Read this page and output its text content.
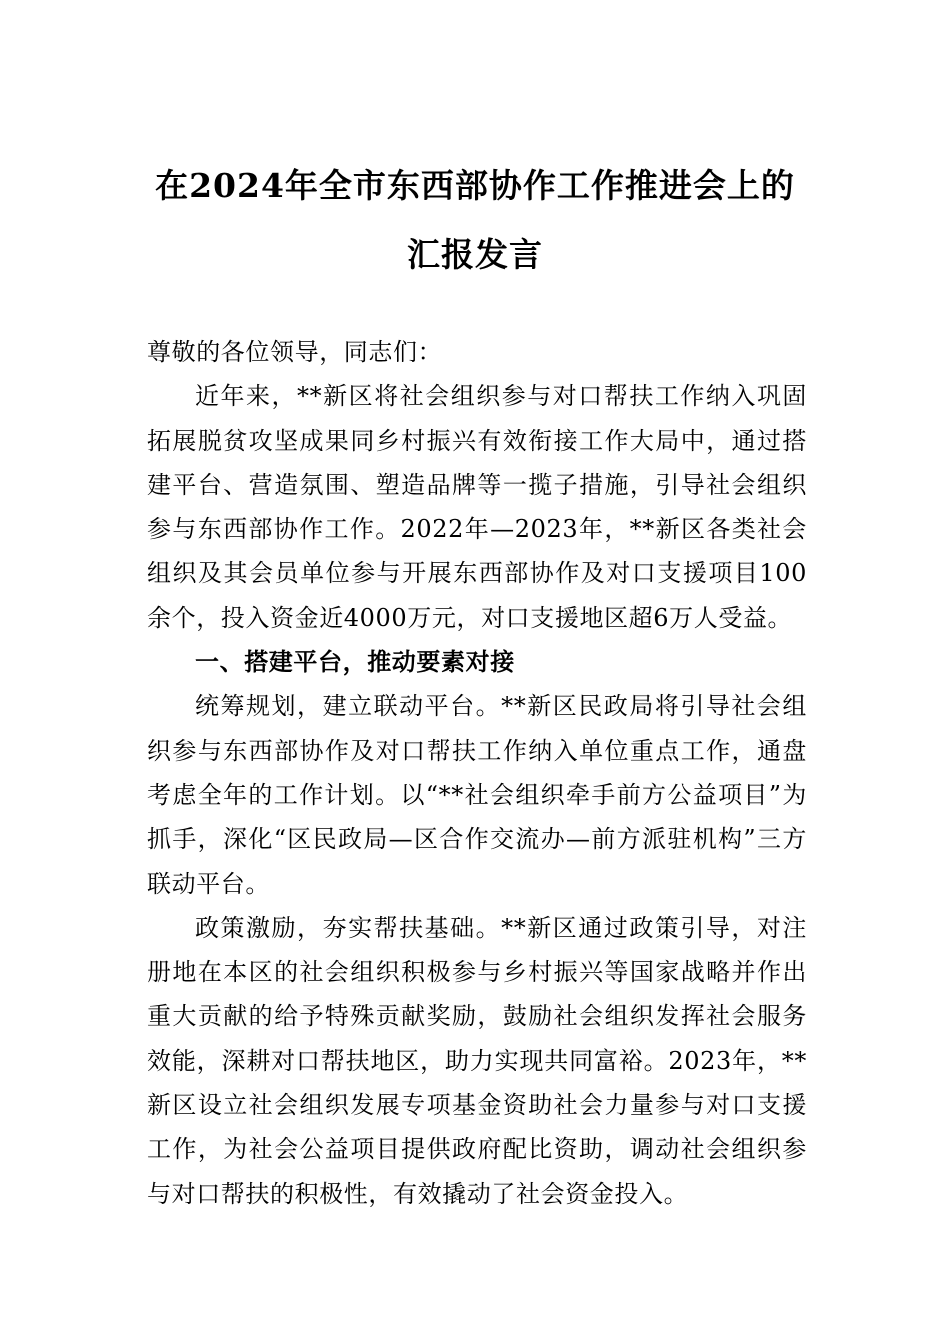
在2024年全市东西部协作工作推进会上的
汇报发言

尊敬的各位领导，同志们：

近年来，**新区将社会组织参与对口帮扶工作纳入巩固拓展脱贫攻坚成果同乡村振兴有效衔接工作大局中，通过搭建平台、营造氛围、塑造品牌等一揽子措施，引导社会组织参与东西部协作工作。2022年—2023年，**新区各类社会组织及其会员单位参与开展东西部协作及对口支援项目100余个，投入资金近4000万元，对口支援地区超6万人受益。

一、搭建平台，推动要素对接

统筹规划，建立联动平台。**新区民政局将引导社会组织参与东西部协作及对口帮扶工作纳入单位重点工作，通盘考虑全年的工作计划。以“**社会组织牵手前方公益项目”为抓手，深化“区民政局—区合作交流办—前方派驻机构”三方联动平台。

政策激励，夯实帮扶基础。**新区通过政策引导，对注册地在本区的社会组织积极参与乡村振兴等国家战略并作出重大贡献的给予特殊贡献奖励，鼓励社会组织发挥社会服务效能，深耕对口帮扶地区，助力实现共同富裕。2023年，**新区设立社会组织发展专项基金资助社会力量参与对口支援工作，为社会公益项目提供政府配比资助，调动社会组织参与对口帮扶的积极性，有效撬动了社会资金投入。
